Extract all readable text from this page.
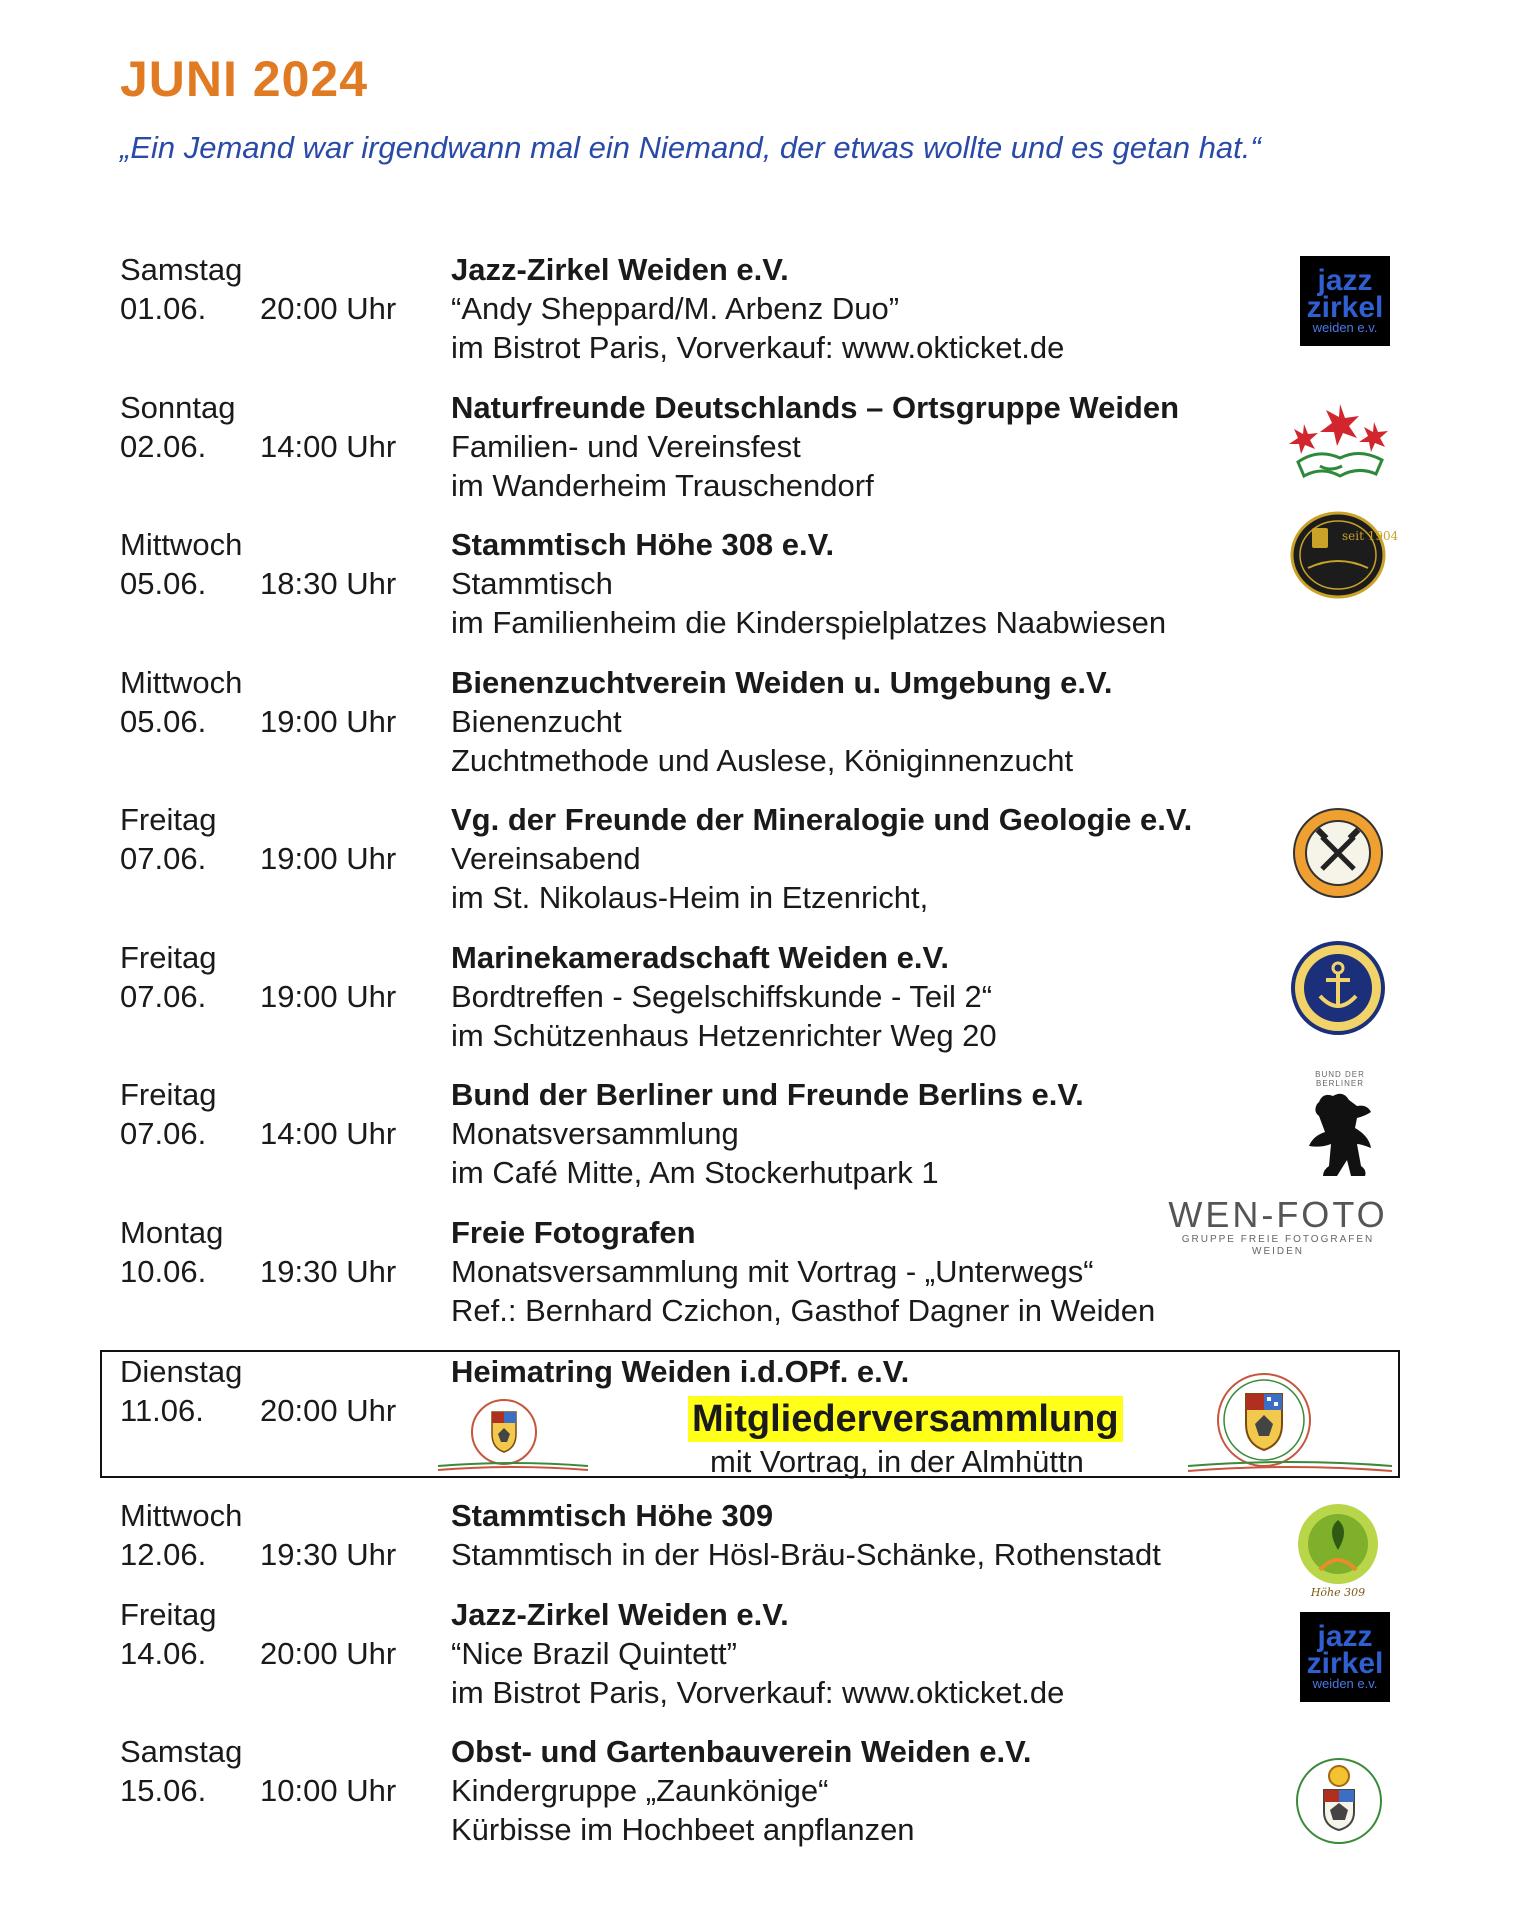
JUNI 2024
„Ein Jemand war irgendwann mal ein Niemand, der etwas wollte und es getan hat.“
Samstag
01.06. 20:00 Uhr
Jazz-Zirkel Weiden e.V.
“Andy Sheppard/M. Arbenz Duo”
im Bistrot Paris, Vorverkauf: www.okticket.de
Sonntag
02.06. 14:00 Uhr
Naturfreunde Deutschlands – Ortsgruppe Weiden
Familien- und Vereinsfest
im Wanderheim Trauschendorf
Mittwoch
05.06. 18:30 Uhr
Stammtisch Höhe 308 e.V.
Stammtisch
im Familienheim die Kinderspielplatzes Naabwiesen
Mittwoch
05.06. 19:00 Uhr
Bienenzuchtverein Weiden u. Umgebung e.V.
Bienenzucht
Zuchtmethode und Auslese, Königinnenzucht
Freitag
07.06. 19:00 Uhr
Vg. der Freunde der Mineralogie und Geologie e.V.
Vereinsabend
im St. Nikolaus-Heim in Etzenricht,
Freitag
07.06. 19:00 Uhr
Marinekameradschaft Weiden e.V.
Bordtreffen - Segelschiffskunde - Teil 2“
im Schützenhaus Hetzenrichter Weg 20
Freitag
07.06. 14:00 Uhr
Bund der Berliner und Freunde Berlins e.V.
Monatsversammlung
im Café Mitte, Am Stockerhutpark 1
Montag
10.06. 19:30 Uhr
Freie Fotografen
Monatsversammlung mit Vortrag - „Unterwegs“
Ref.: Bernhard Czichon, Gasthof Dagner in Weiden
Dienstag
11.06. 20:00 Uhr
Heimatring Weiden i.d.OPf. e.V.
Mitgliederversammlung
mit Vortrag, in der Almhüttn
Mittwoch
12.06. 19:30 Uhr
Stammtisch Höhe 309
Stammtisch in der Hösl-Bräu-Schänke, Rothenstadt
Freitag
14.06. 20:00 Uhr
Jazz-Zirkel Weiden e.V.
“Nice Brazil Quintett”
im Bistrot Paris, Vorverkauf: www.okticket.de
Samstag
15.06. 10:00 Uhr
Obst- und Gartenbauverein Weiden e.V.
Kindergruppe „Zaunkönige“
Kürbisse im Hochbeet anpflanzen
jazz
zirkel
weiden e.v.
seit 1904
BUND DER BERLINER
WEN-FOTO
GRUPPE FREIE FOTOGRAFEN WEIDEN
Höhe 309
jazz
zirkel
weiden e.v.
